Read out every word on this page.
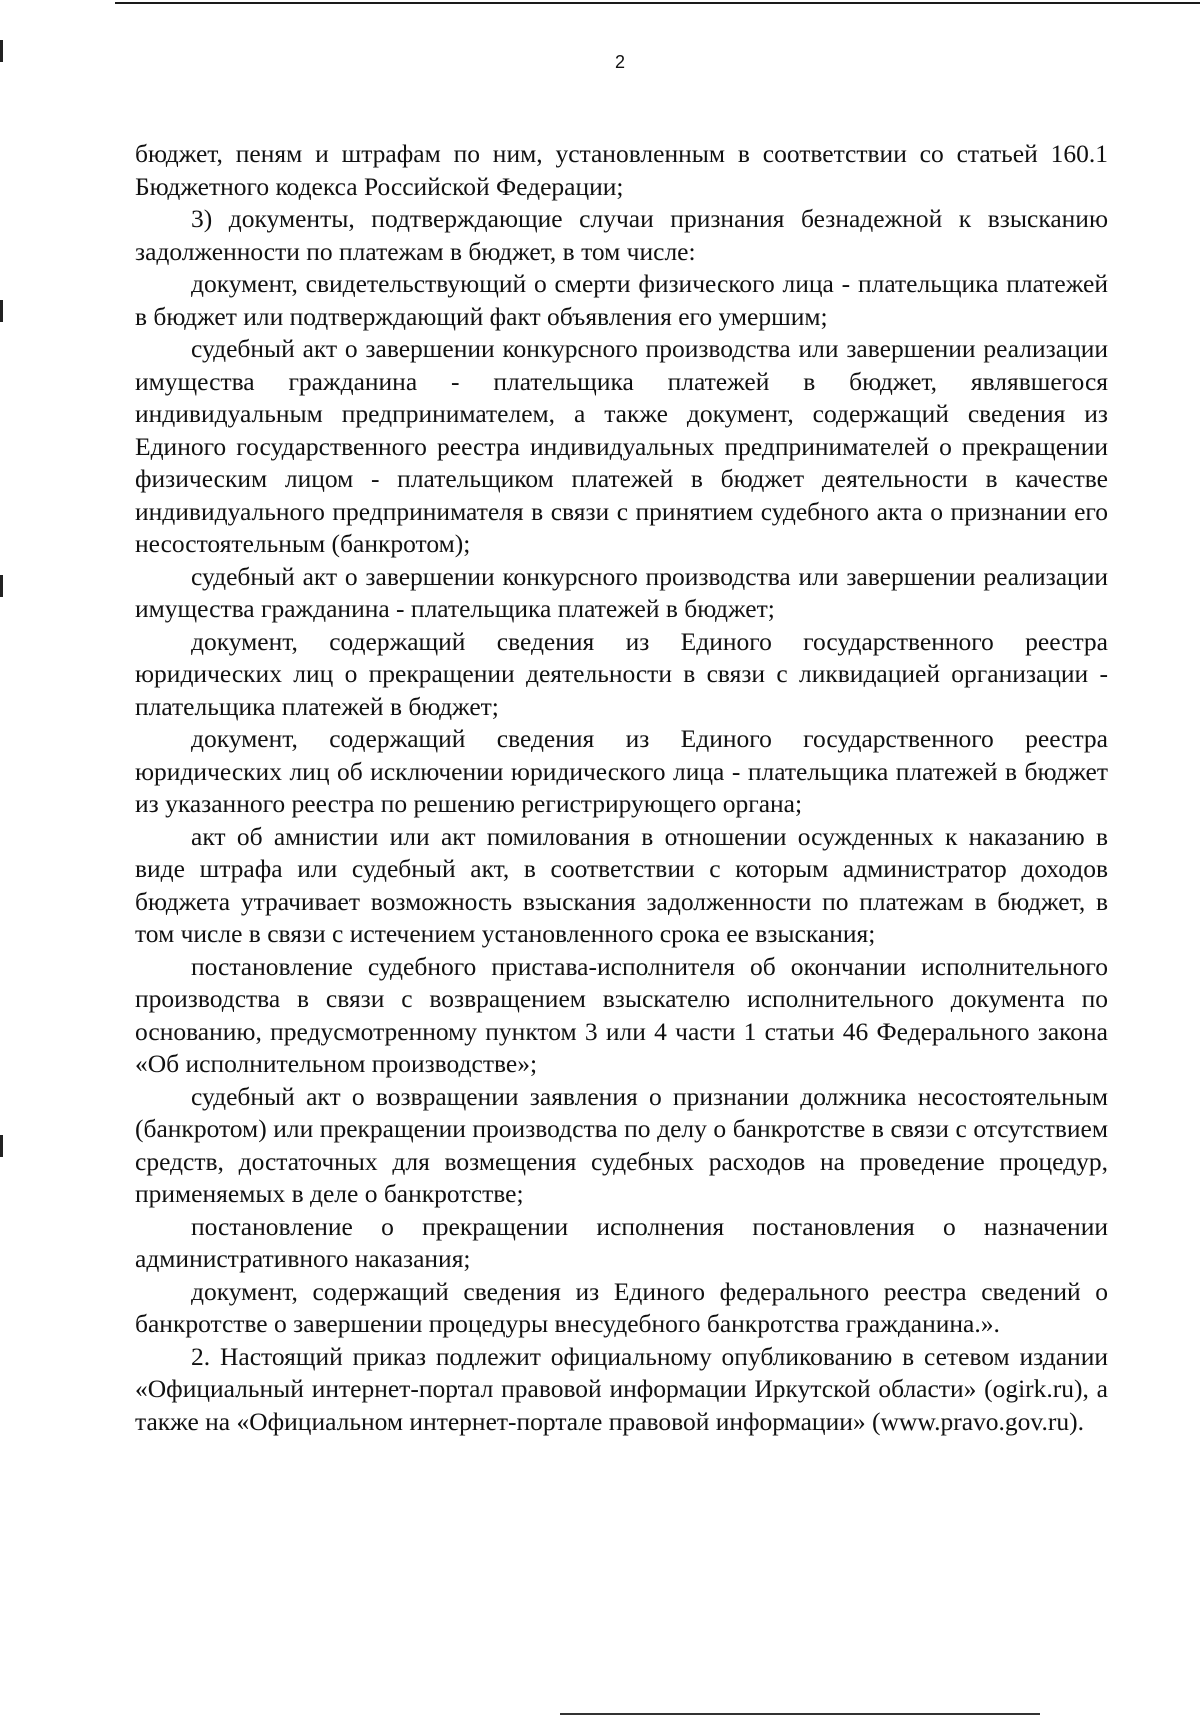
2

бюджет, пеням и штрафам по ним, установленным в соответствии со статьей 160.1 Бюджетного кодекса Российской Федерации;

3) документы, подтверждающие случаи признания безнадежной к взысканию задолженности по платежам в бюджет, в том числе:

документ, свидетельствующий о смерти физического лица - плательщика платежей в бюджет или подтверждающий факт объявления его умершим;

судебный акт о завершении конкурсного производства или завершении реализации имущества гражданина - плательщика платежей в бюджет, являвшегося индивидуальным предпринимателем, а также документ, содержащий сведения из Единого государственного реестра индивидуальных предпринимателей о прекращении физическим лицом - плательщиком платежей в бюджет деятельности в качестве индивидуального предпринимателя в связи с принятием судебного акта о признании его несостоятельным (банкротом);

судебный акт о завершении конкурсного производства или завершении реализации имущества гражданина - плательщика платежей в бюджет;

документ, содержащий сведения из Единого государственного реестра юридических лиц о прекращении деятельности в связи с ликвидацией организации - плательщика платежей в бюджет;

документ, содержащий сведения из Единого государственного реестра юридических лиц об исключении юридического лица - плательщика платежей в бюджет из указанного реестра по решению регистрирующего органа;

акт об амнистии или акт помилования в отношении осужденных к наказанию в виде штрафа или судебный акт, в соответствии с которым администратор доходов бюджета утрачивает возможность взыскания задолженности по платежам в бюджет, в том числе в связи с истечением установленного срока ее взыскания;

постановление судебного пристава-исполнителя об окончании исполнительного производства в связи с возвращением взыскателю исполнительного документа по основанию, предусмотренному пунктом 3 или 4 части 1 статьи 46 Федерального закона «Об исполнительном производстве»;

судебный акт о возвращении заявления о признании должника несостоятельным (банкротом) или прекращении производства по делу о банкротстве в связи с отсутствием средств, достаточных для возмещения судебных расходов на проведение процедур, применяемых в деле о банкротстве;

постановление о прекращении исполнения постановления о назначении административного наказания;

документ, содержащий сведения из Единого федерального реестра сведений о банкротстве о завершении процедуры внесудебного банкротства гражданина.».

2. Настоящий приказ подлежит официальному опубликованию в сетевом издании «Официальный интернет-портал правовой информации Иркутской области» (ogirk.ru), а также на «Официальном интернет-портале правовой информации» (www.pravo.gov.ru).
